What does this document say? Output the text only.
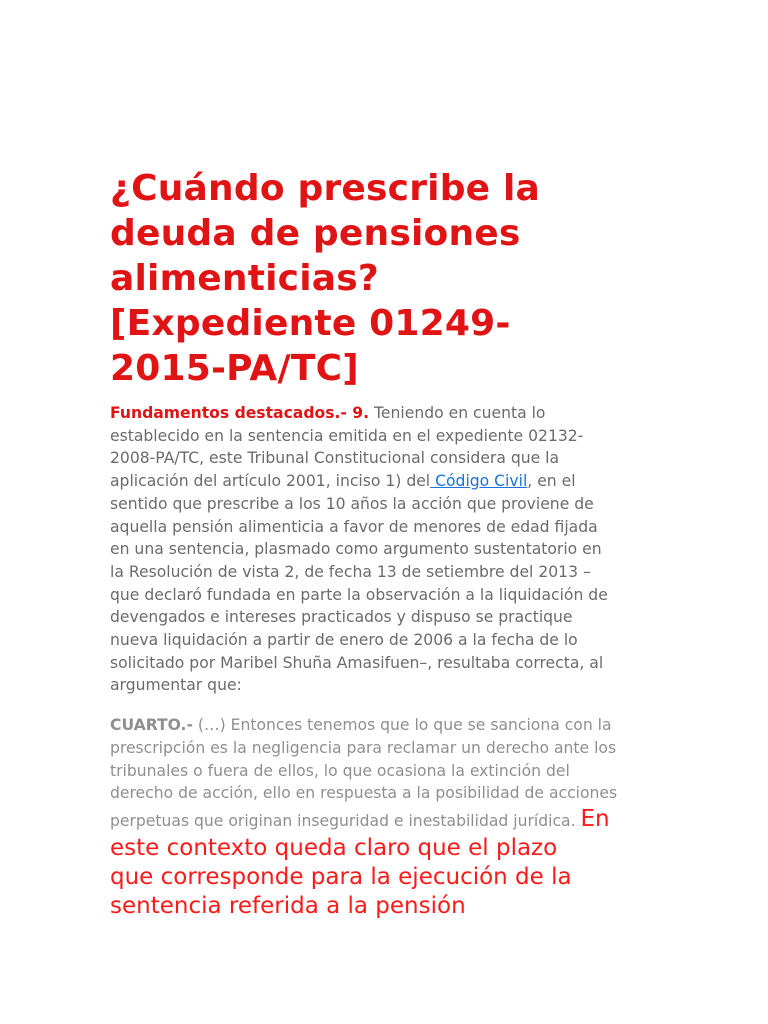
¿Cuándo prescribe la
deuda de pensiones
alimenticias?
[Expediente 01249-
2015-PA/TC]

Fundamentos destacados.- 9. Teniendo en cuenta lo
establecido en la sentencia emitida en el expediente 02132-
2008-PA/TC, este Tribunal Constitucional considera que la
aplicación del artículo 2001, inciso 1) del Código Civil, en el
sentido que prescribe a los 10 años la acción que proviene de
aquella pensión alimenticia a favor de menores de edad fijada
en una sentencia, plasmado como argumento sustentatorio en
la Resolución de vista 2, de fecha 13 de setiembre del 2013 –
que declaró fundada en parte la observación a la liquidación de
devengados e intereses practicados y dispuso se practique
nueva liquidación a partir de enero de 2006 a la fecha de lo
solicitado por Maribel Shuña Amasifuen–, resultaba correcta, al
argumentar que:

CUARTO.- (…) Entonces tenemos que lo que se sanciona con la
prescripción es la negligencia para reclamar un derecho ante los
tribunales o fuera de ellos, lo que ocasiona la extinción del
derecho de acción, ello en respuesta a la posibilidad de acciones
perpetuas que originan inseguridad e inestabilidad jurídica. En
este contexto queda claro que el plazo
que corresponde para la ejecución de la
sentencia referida a la pensión
